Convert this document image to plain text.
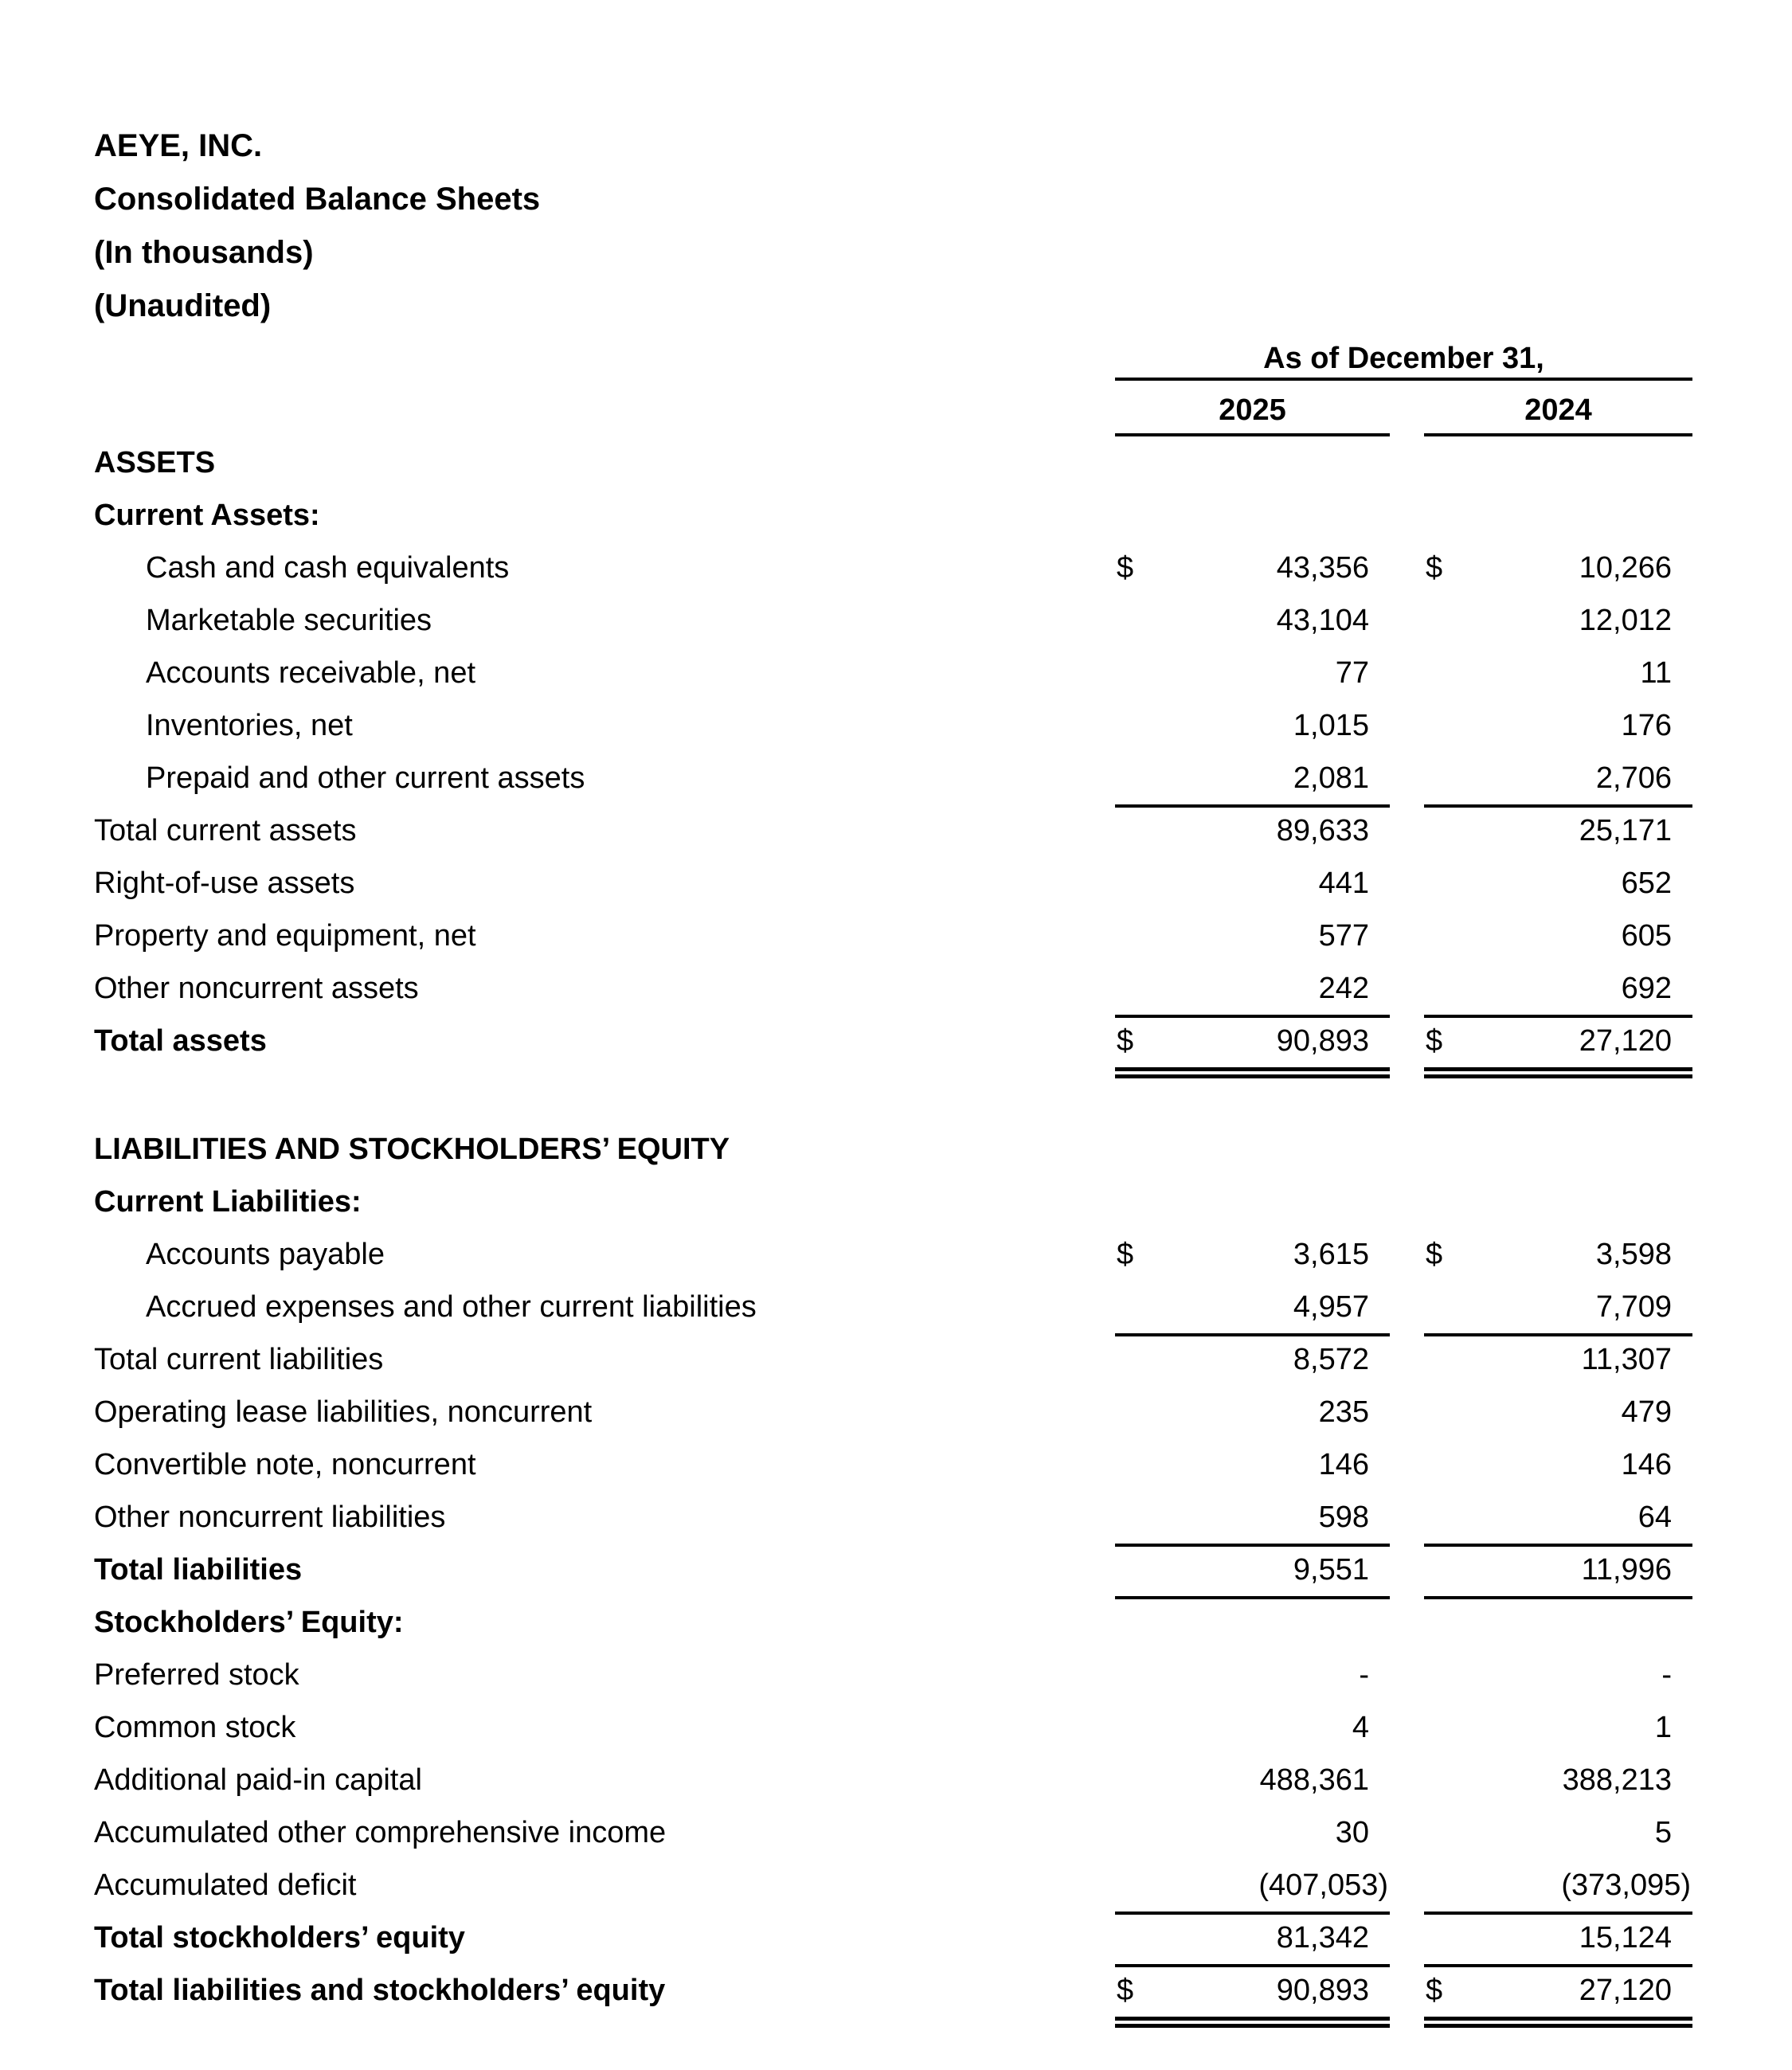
AEYE, INC.
Consolidated Balance Sheets
(In thousands)
(Unaudited)
As of December 31,
2025	2024
ASSETS
Current Assets:
Cash and cash equivalents	$	43,356	$	10,266
Marketable securities	43,104	12,012
Accounts receivable, net	77	11
Inventories, net	1,015	176
Prepaid and other current assets	2,081	2,706
Total current assets	89,633	25,171
Right-of-use assets	441	652
Property and equipment, net	577	605
Other noncurrent assets	242	692
Total assets	$	90,893	$	27,120
LIABILITIES AND STOCKHOLDERS’ EQUITY
Current Liabilities:
Accounts payable	$	3,615	$	3,598
Accrued expenses and other current liabilities	4,957	7,709
Total current liabilities	8,572	11,307
Operating lease liabilities, noncurrent	235	479
Convertible note, noncurrent	146	146
Other noncurrent liabilities	598	64
Total liabilities	9,551	11,996
Stockholders’ Equity:
Preferred stock	-	-
Common stock	4	1
Additional paid-in capital	488,361	388,213
Accumulated other comprehensive income	30	5
Accumulated deficit	(407,053)	(373,095)
Total stockholders’ equity	81,342	15,124
Total liabilities and stockholders’ equity	$	90,893	$	27,120
